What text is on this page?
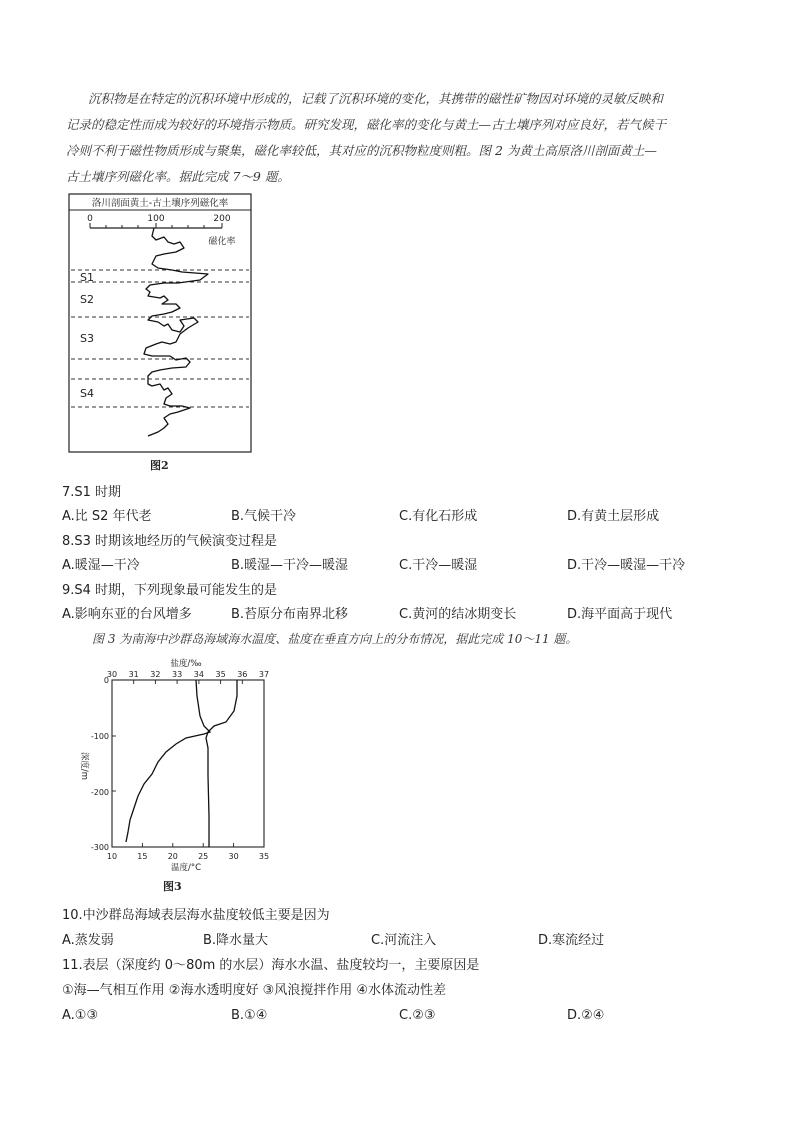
沉积物是在特定的沉积环境中形成的，记载了沉积环境的变化，其携带的磁性矿物因对环境的灵敏反映和
记录的稳定性而成为较好的环境指示物质。研究发现，磁化率的变化与黄土—古土壤序列对应良好，若气候干
冷则不利于磁性物质形成与聚集，磁化率较低，其对应的沉积物粒度则粗。图 2 为黄土高原洛川剖面黄土—
古土壤序列磁化率。据此完成 7～9 题。
洛川剖面黄土-古土壤序列磁化率
0	100	200
磁化率
S1
S2
S3
S4
图2
7.S1 时期
A.比 S2 年代老	B.气候干冷	C.有化石形成	D.有黄土层形成
8.S3 时期该地经历的气候演变过程是
A.暖湿—干冷	B.暖湿—干冷—暖湿	C.干冷—暖湿	D.干冷—暖湿—干冷
9.S4 时期，下列现象最可能发生的是
A.影响东亚的台风增多	B.苔原分布南界北移	C.黄河的结冰期变长	D.海平面高于现代
图 3 为南海中沙群岛海域海水温度、盐度在垂直方向上的分布情况，据此完成 10～11 题。
盐度/‰
30 31 32 33 34 35 36 37
0
-100
-200
-300
深度/m
10	15	20	25	30	35
温度/°C
图3
10.中沙群岛海域表层海水盐度较低主要是因为
A.蒸发弱	B.降水量大	C.河流注入	D.寒流经过
11.表层（深度约 0～80m 的水层）海水水温、盐度较均一，主要原因是
①海—气相互作用 ②海水透明度好 ③风浪搅拌作用 ④水体流动性差
A.①③	B.①④	C.②③	D.②④
